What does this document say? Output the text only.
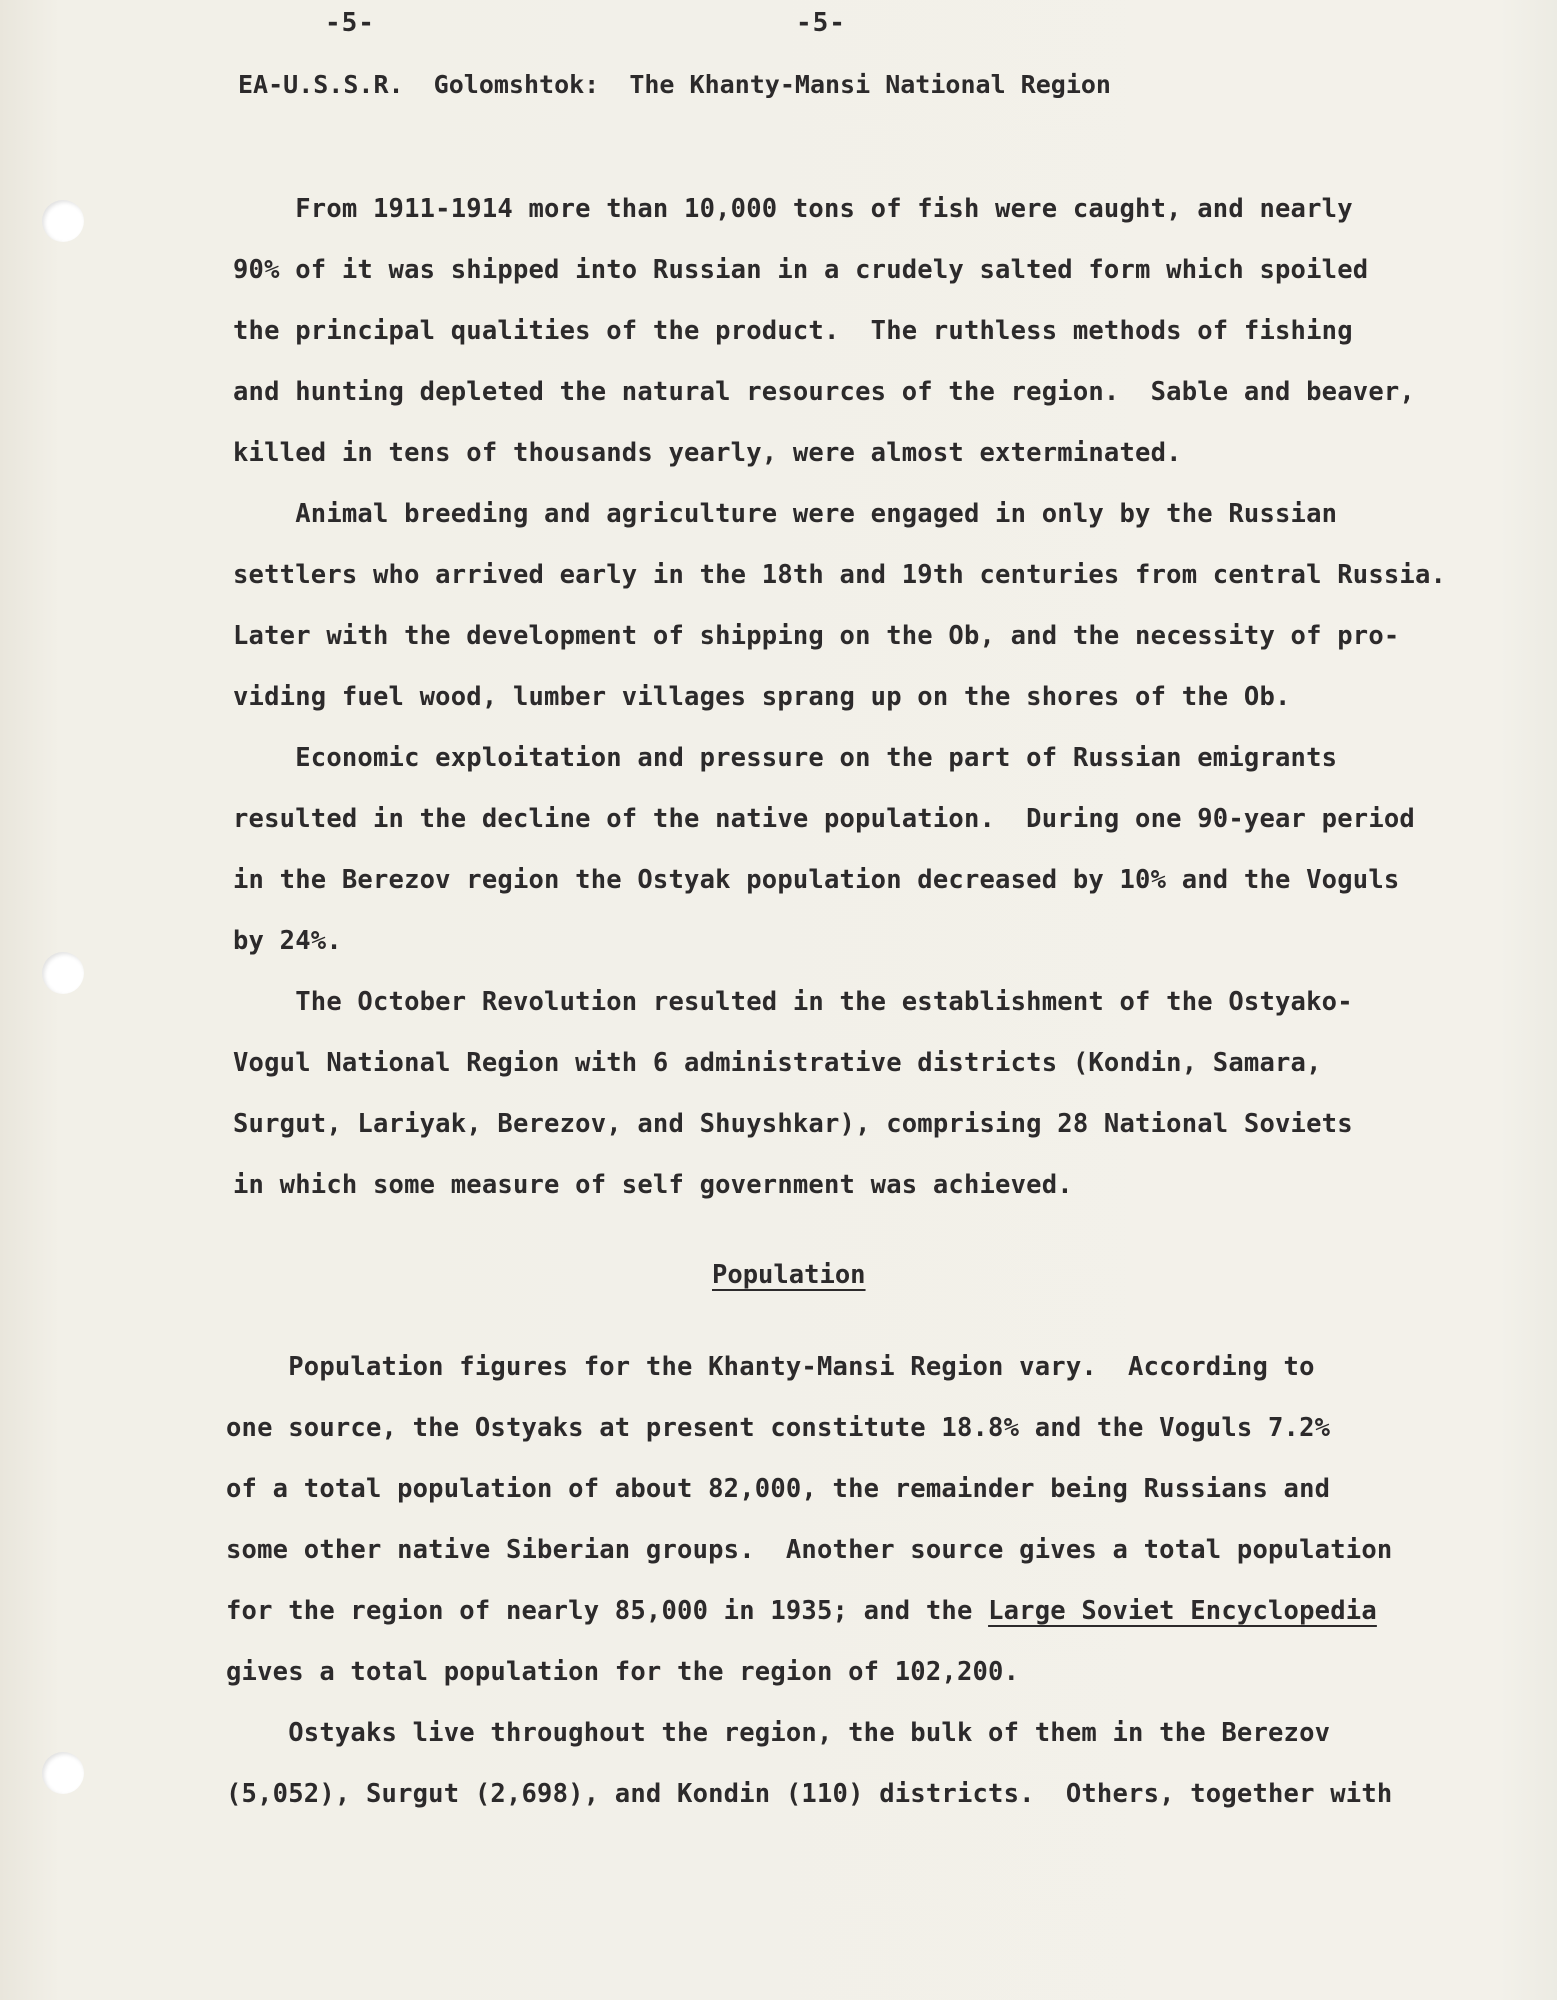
-5-	-5-
EA-U.S.S.R.  Golomshtok:  The Khanty-Mansi National Region
From 1911-1914 more than 10,000 tons of fish were caught, and nearly
90% of it was shipped into Russian in a crudely salted form which spoiled
the principal qualities of the product.  The ruthless methods of fishing
and hunting depleted the natural resources of the region.  Sable and beaver,
killed in tens of thousands yearly, were almost exterminated.
Animal breeding and agriculture were engaged in only by the Russian
settlers who arrived early in the 18th and 19th centuries from central Russia.
Later with the development of shipping on the Ob, and the necessity of pro-
viding fuel wood, lumber villages sprang up on the shores of the Ob.
Economic exploitation and pressure on the part of Russian emigrants
resulted in the decline of the native population.  During one 90-year period
in the Berezov region the Ostyak population decreased by 10% and the Voguls
by 24%.
The October Revolution resulted in the establishment of the Ostyako-
Vogul National Region with 6 administrative districts (Kondin, Samara,
Surgut, Lariyak, Berezov, and Shuyshkar), comprising 28 National Soviets
in which some measure of self government was achieved.
Population
Population figures for the Khanty-Mansi Region vary.  According to
one source, the Ostyaks at present constitute 18.8% and the Voguls 7.2%
of a total population of about 82,000, the remainder being Russians and
some other native Siberian groups.  Another source gives a total population
for the region of nearly 85,000 in 1935; and the Large Soviet Encyclopedia
gives a total population for the region of 102,200.
Ostyaks live throughout the region, the bulk of them in the Berezov
(5,052), Surgut (2,698), and Kondin (110) districts.  Others, together with
